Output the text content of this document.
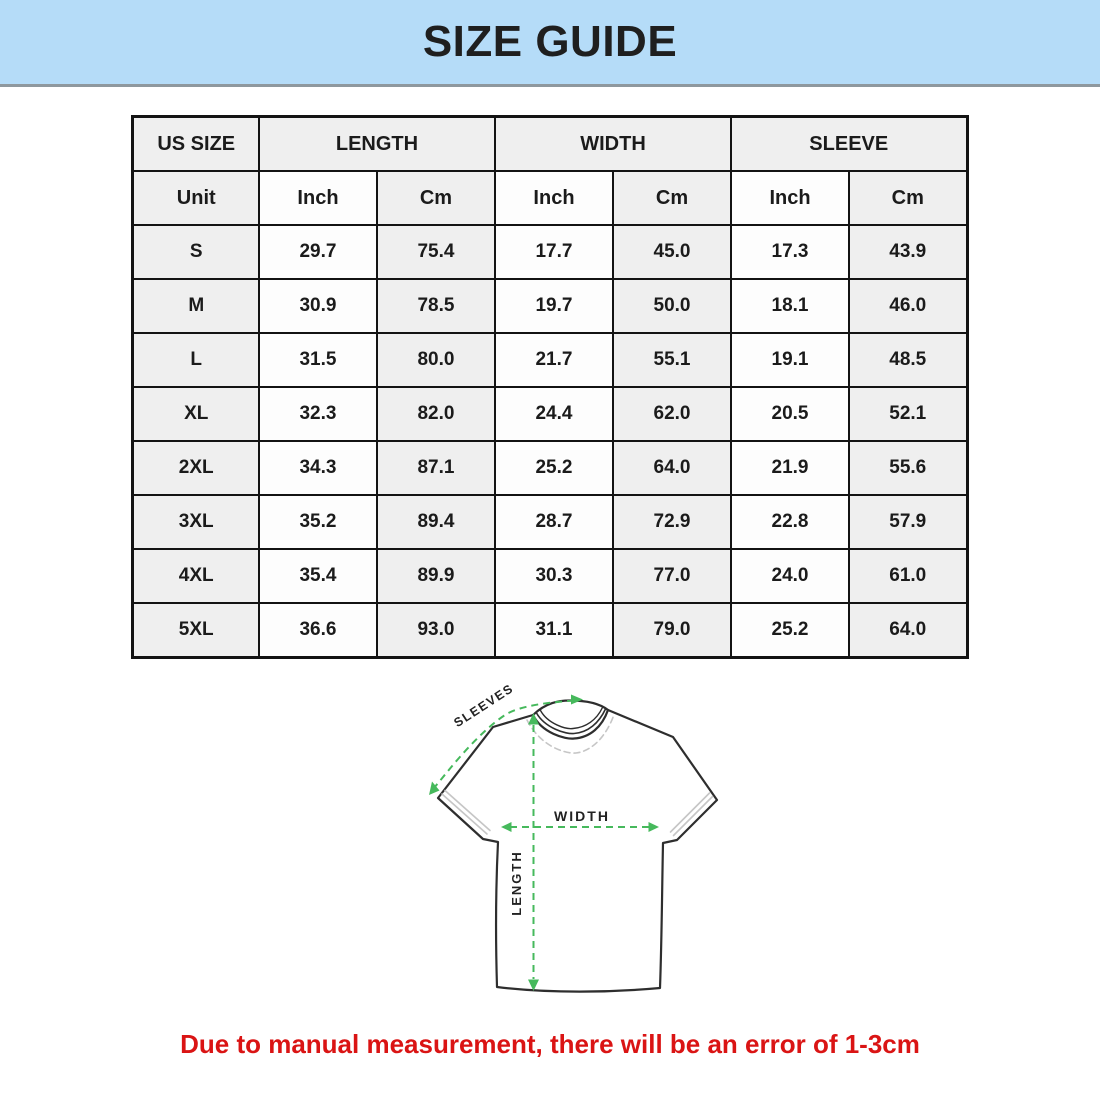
SIZE GUIDE
US SIZE	LENGTH		WIDTH		SLEEVE	
Unit	Inch	Cm	Inch	Cm	Inch	Cm
S	29.7	75.4	17.7	45.0	17.3	43.9
M	30.9	78.5	19.7	50.0	18.1	46.0
L	31.5	80.0	21.7	55.1	19.1	48.5
XL	32.3	82.0	24.4	62.0	20.5	52.1
2XL	34.3	87.1	25.2	64.0	21.9	55.6
3XL	35.2	89.4	28.7	72.9	22.8	57.9
4XL	35.4	89.9	30.3	77.0	24.0	61.0
5XL	36.6	93.0	31.1	79.0	25.2	64.0
SLEEVES
LENGTH
WIDTH

Due to manual measurement, there will be an error of 1-3cm
